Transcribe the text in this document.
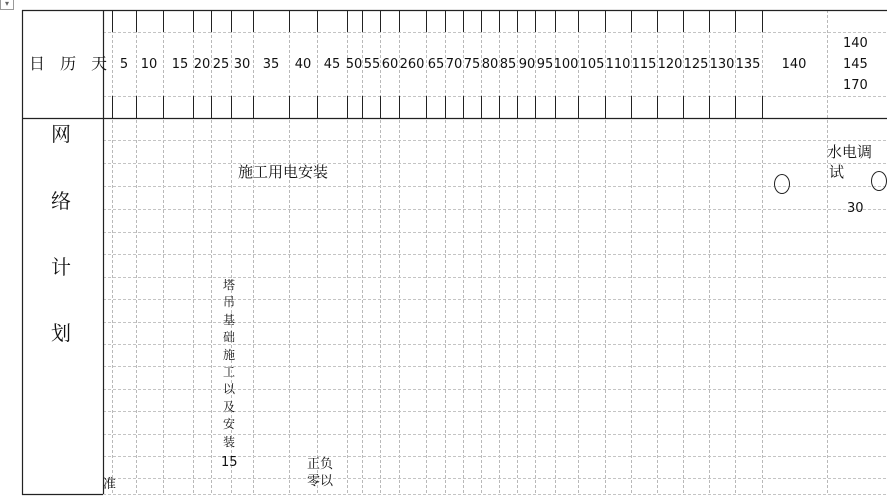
▾
日 历 天 5 10 15 20 25 30 35 40 45 50 55 60 260 65 70 75 80 85 90 95 100 105 110 115 120 125 130 135 140
140
145
170
网
络
计
划
施工用电安装
水电调
试
30
塔
吊
基
础
施
工
以
及
安
装
15
准
正负
零以
